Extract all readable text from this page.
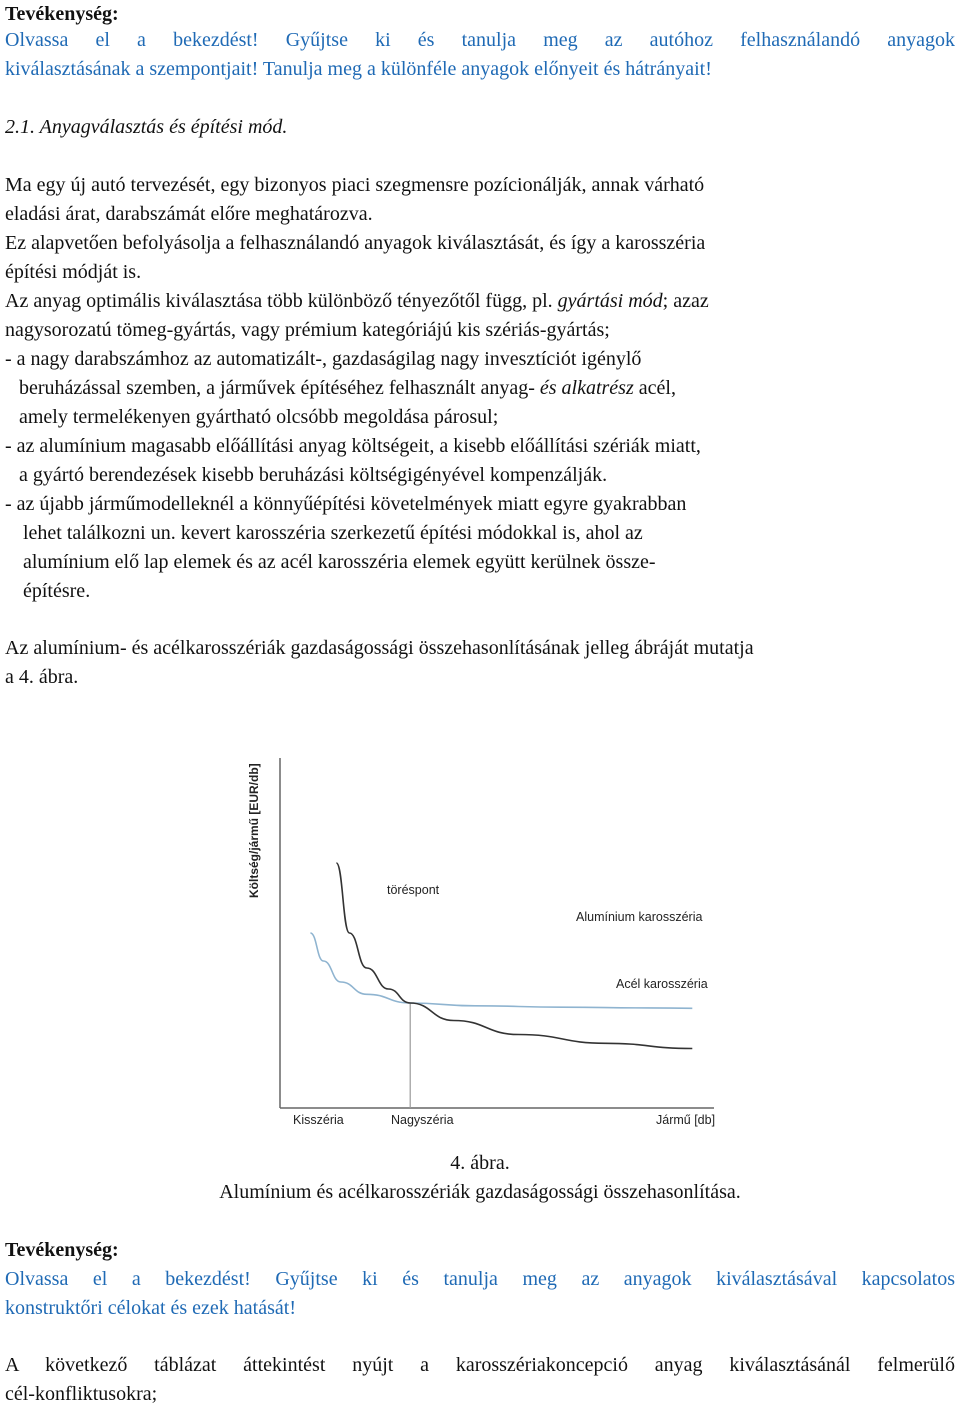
Tevékenység:
Olvassa el a bekezdést! Gyűjtse ki és tanulja meg az autóhoz felhasználandó anyagok
kiválasztásának a szempontjait! Tanulja meg a különféle anyagok előnyeit és hátrányait!
2.1. Anyagválasztás és építési mód.
Ma egy új autó tervezését, egy bizonyos piaci szegmensre pozícionálják, annak várható
eladási árat, darabszámát előre meghatározva.
Ez alapvetően befolyásolja a felhasználandó anyagok kiválasztását, és így a karosszéria
építési módját is.
Az anyag optimális kiválasztása több különböző tényezőtől függ, pl. gyártási mód; azaz
nagysorozatú tömeg-gyártás, vagy prémium kategóriájú kis szériás-gyártás;
- a nagy darabszámhoz az automatizált-, gazdaságilag nagy invesztíciót igénylő
beruházással szemben, a járművek építéséhez felhasznált anyag- és alkatrész acél,
amely termelékenyen gyártható olcsóbb megoldása párosul;
- az alumínium magasabb előállítási anyag költségeit, a kisebb előállítási szériák miatt,
a gyártó berendezések kisebb beruházási költségigényével kompenzálják.
- az újabb járműmodelleknél a könnyűépítési követelmények miatt egyre gyakrabban
lehet találkozni un. kevert karosszéria szerkezetű építési módokkal is, ahol az
alumínium elő lap elemek és az acél karosszéria elemek együtt kerülnek össze-
építésre.
Az alumínium- és acélkarosszériák gazdaságossági összehasonlításának jelleg ábráját mutatja
a 4. ábra.
Költség/jármű [EUR/db]	töréspont
Alumínium karosszéria
Acél karosszéria
Kisszéria	Nagyszéria	Jármű [db]
4. ábra.
Alumínium és acélkarosszériák gazdaságossági összehasonlítása.
Tevékenység:
Olvassa el a bekezdést! Gyűjtse ki és tanulja meg az anyagok kiválasztásával kapcsolatos
konstruktőri célokat és ezek hatását!
A következő táblázat áttekintést nyújt a karosszériakoncepció anyag kiválasztásánál felmerülő
cél-konfliktusokra;
